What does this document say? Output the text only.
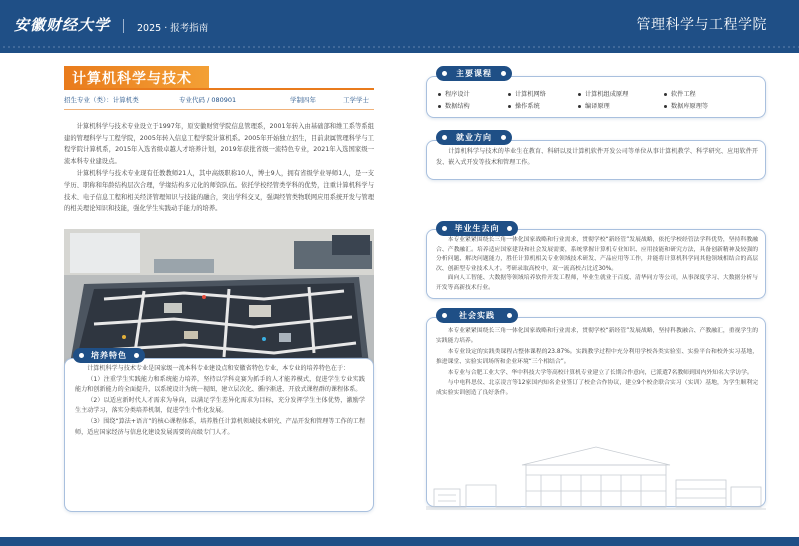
安徽财经大学	2025 · 报考指南	管理科学与工程学院
计算机科学与技术
招生专业（类）：计算机类	专业代码 / 080901	学制四年	工学学士

计算机科学与技术专业设立于1997年，原安徽财贸学院信息管理系，2001年转入由基础部和维工系等系组建的管理科学与工程学院，2005年转入信息工程学院计算机系。2005年开始独立招生，目前隶属管理科学与工程学院计算机系，2015年入选省级卓越人才培养计划，2019年获批省级一流特色专业，2021年入选国家级一流本科专业建设点。

计算机科学与技术专业现有任教教师21人，其中高级职称10人，博士9人，拥有省级学业导师1人，是一支学历、职称和年龄结构层次合理，学缘结构多元化的师资队伍。依托学校经管类学科的优势，注重计算机科学与技术、电子信息工程和相关经济管理知识与技能的融合，突出学科交叉，强调经管类物联网应用系统开发与管理的相关理论知识和技能，强化学生实践动手能力的培养。

培养特色

计算机科学与技术专业是国家级一流本科专业建设点和安徽省特色专业，本专业的培养特色在于：

（1）注重学生实践能力和系统能力培养，坚持以学科竞赛为抓手的人才能养模式，促进学生专业实践能力和创新能力的全面提升，以系统设计为统一视图，建立层次化、循序渐进、开放式课程群的课程体系。

（2）以适应新时代人才需求为导向，以满足学生差异化需求为目标，充分发挥学生主体优势，激励学生主动学习，落实分类培养机制，促进学生个性化发展。

（3）围绕“算法+语言”的核心课程体系，培养胜任计算机领域技术研究、产品开发和管理等工作的工程师，适应国家经济与信息化建设发展需要的高级专门人才。

主要课程
程序设计	计算机网络	计算机组成原理	软件工程
数据结构	操作系统	编译原理	数据库原理等
就业方向

计算机科学与技术的毕业生在教育、科研以及计算机软件开发公司等单位从事计算机教学、科学研究、应用软件开发、嵌入式开发等技术和管理工作。

毕业生去向

本专业紧紧围绕长三角一体化国家战略和行业需求，贯彻学校“新经管”发展战略，依托学校经管法学科优势，坚持科教融合、产教融汇。培养适应国家建设和社会发展需要，系统掌握计算机专业知识、应用技能和研究方法，具备创新精神及较强的分析问题、解决问题能力，胜任计算机相关专业领域技术研发、产品应用等工作，并能将计算机科学同其他领域相结合的高层次、创新型专业技术人才。考研录取高校中，双一流高校占比近30%。

面向人工智能、大数据等领域培养软件开发工程师，毕业生就业于百度、清华同方等公司，从事深度学习、大数据分析与开发等高新技术行业。

社会实践

本专业紧紧围绕长三角一体化国家战略和行业需求，贯彻学校“新经管”发展战略，坚持科教融合、产教融汇，重视学生的实践能力培养。

本专业设定的实践类课程占整体课程的23.87%。实践教学过程中充分利用学校各类实验室、实验平台和校外实习基地，推进课堂、实验实训场所和企业环境“三个相结合”。

本专业与合肥工业大学、华中科技大学等高校计算机专业建立了长期合作意向，已派遣7名教师到国内外知名大学访学。

与中电科思仪、北京凌言等12家国内知名企业签订了校企合作协议，建立9个校企联合实习（实训）基地，为学生顺利完成实验实训创造了良好条件。
